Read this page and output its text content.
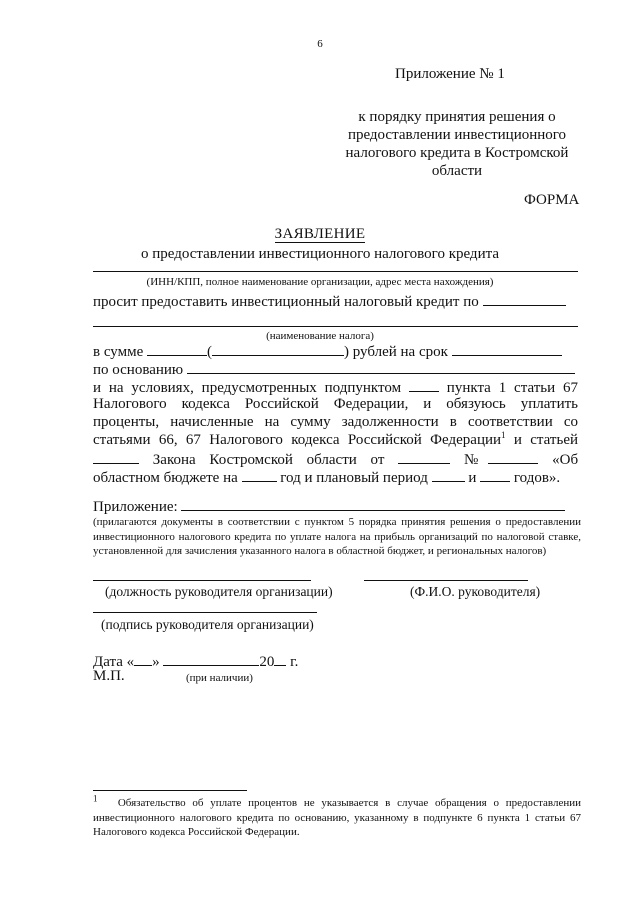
6
Приложение № 1
к порядку принятия решения о предоставлении инвестиционного налогового кредита в Костромской области
ФОРМА
ЗАЯВЛЕНИЕ
о предоставлении инвестиционного налогового кредита
(ИНН/КПП, полное наименование организации, адрес места нахождения)
просит предоставить инвестиционный налоговый кредит по
(наименование налога)
в сумме	(	) рублей на срок
по основанию
и на условиях, предусмотренных подпунктом	пункта 1 статьи 67
Налогового кодекса Российской Федерации, и обязуюсь уплатить
проценты, начисленные на сумму задолженности в соответствии со
статьями 66, 67 Налогового кодекса Российской Федерации$^1$ и статьей
Закона Костромской области от	№	«Об
областном бюджете на	год и плановый период	и	годов».
Приложение:
(прилагаются документы в соответствии с пунктом 5 порядка принятия решения о предоставлении инвестиционного налогового кредита по уплате налога на прибыль организаций по налоговой ставке, установленной для зачисления указанного налога в областной бюджет, и региональных налогов)
(должность руководителя организации)	(Ф.И.О. руководителя)
(подпись руководителя организации)
Дата « »	20 г.
М.П.	(при наличии)
$^1$ Обязательство об уплате процентов не указывается в случае обращения о предоставлении инвестиционного налогового кредита по основанию, указанному в подпункте 6 пункта 1 статьи 67 Налогового кодекса Российской Федерации.
